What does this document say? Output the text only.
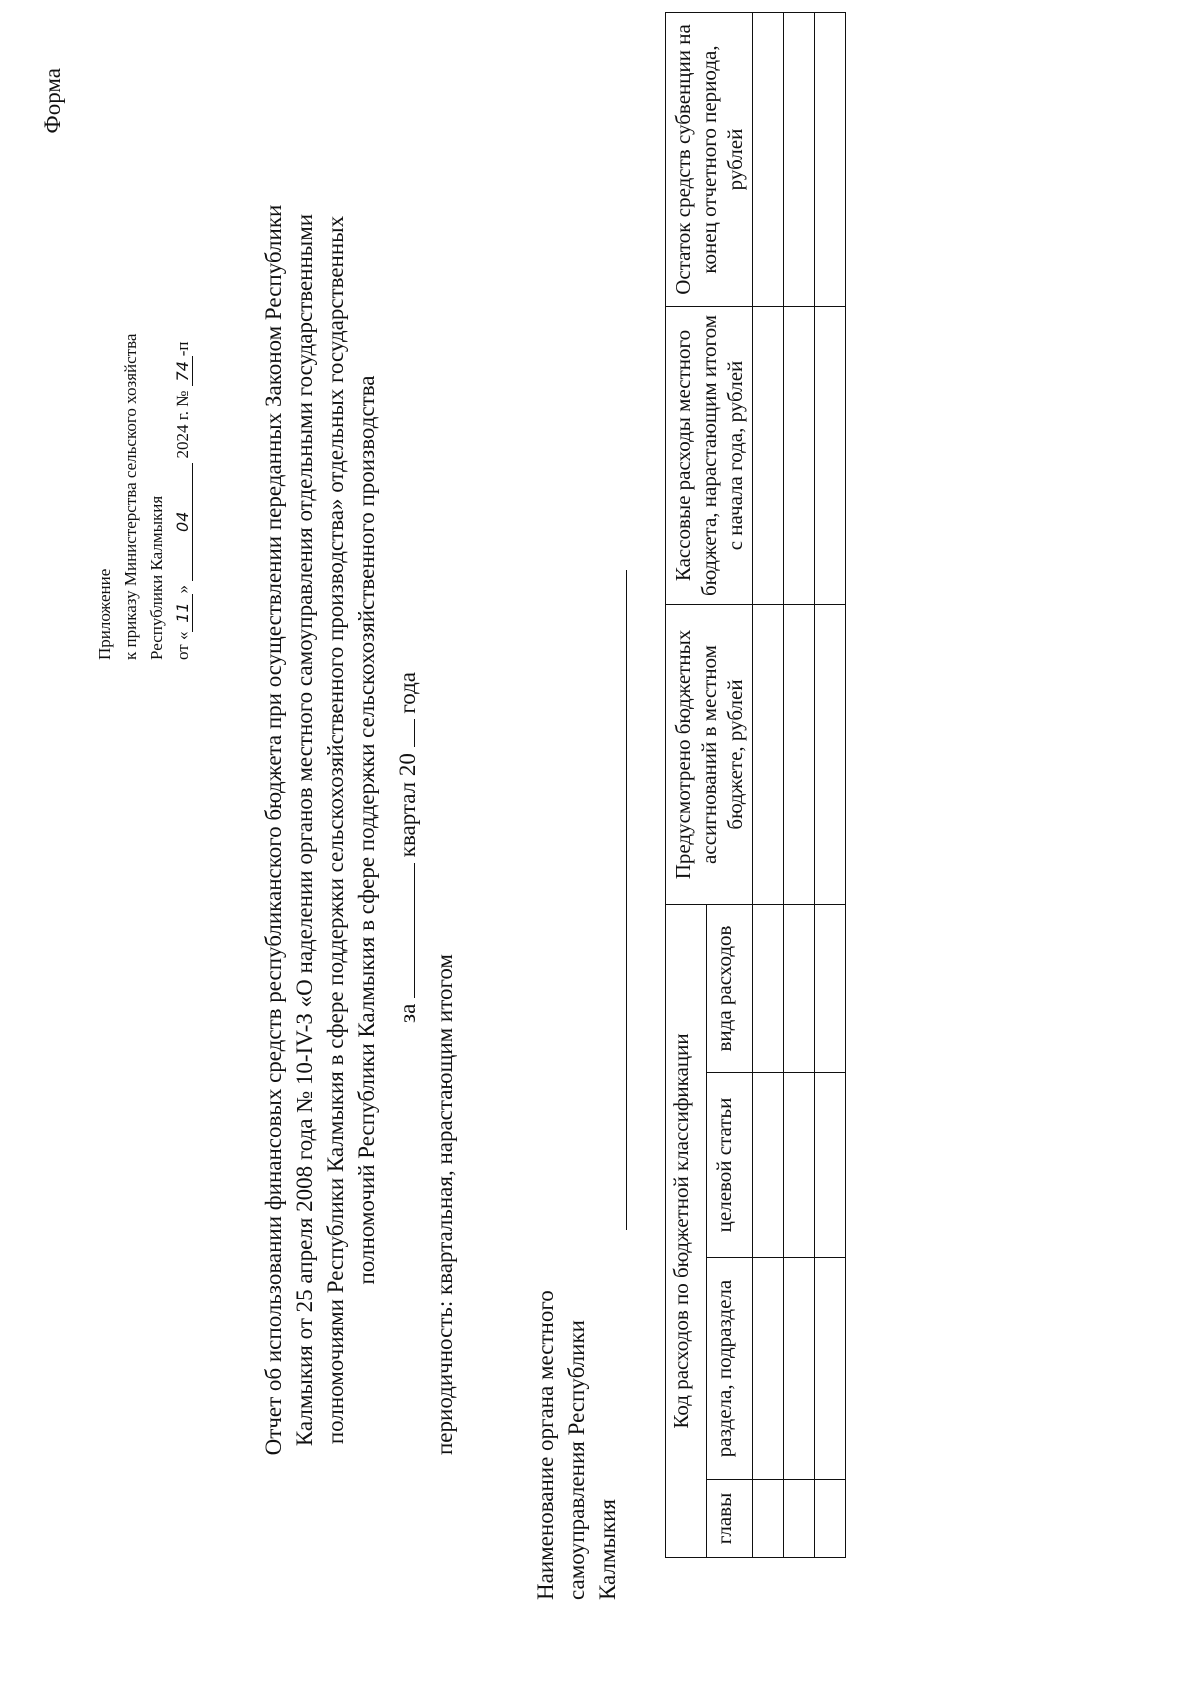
Форма
Приложение к приказу Министерства сельского хозяйства Республики Калмыкия от «11» 04 2024 г. № 74-п	Отчет об использовании финансовых средств республиканского бюджета при осуществлении переданных Законом Республики Калмыкия от 25 апреля 2008 года № 10-IV-З «О наделении органов местного самоуправления отдельными государственными полномочиями Республики Калмыкия в сфере поддержки сельскохозяйственного производства» отдельных государственных полномочий Республики Калмыкия в сфере поддержки сельскохозяйственного производства за  квартал 20  года
периодичность: квартальная, нарастающим итогом	Наименование органа местного самоуправления Республики Калмыкия
Код расходов по бюджетной классификации				Предусмотрено бюджетных ассигнований в местном бюджете, рублей	Кассовые расходы местного бюджета, нарастающим итогом с начала года, рублей	Остаток средств субвенции на конец отчетного периода, рублей
главы	раздела, подраздела	целевой статьи	вида расходов			
